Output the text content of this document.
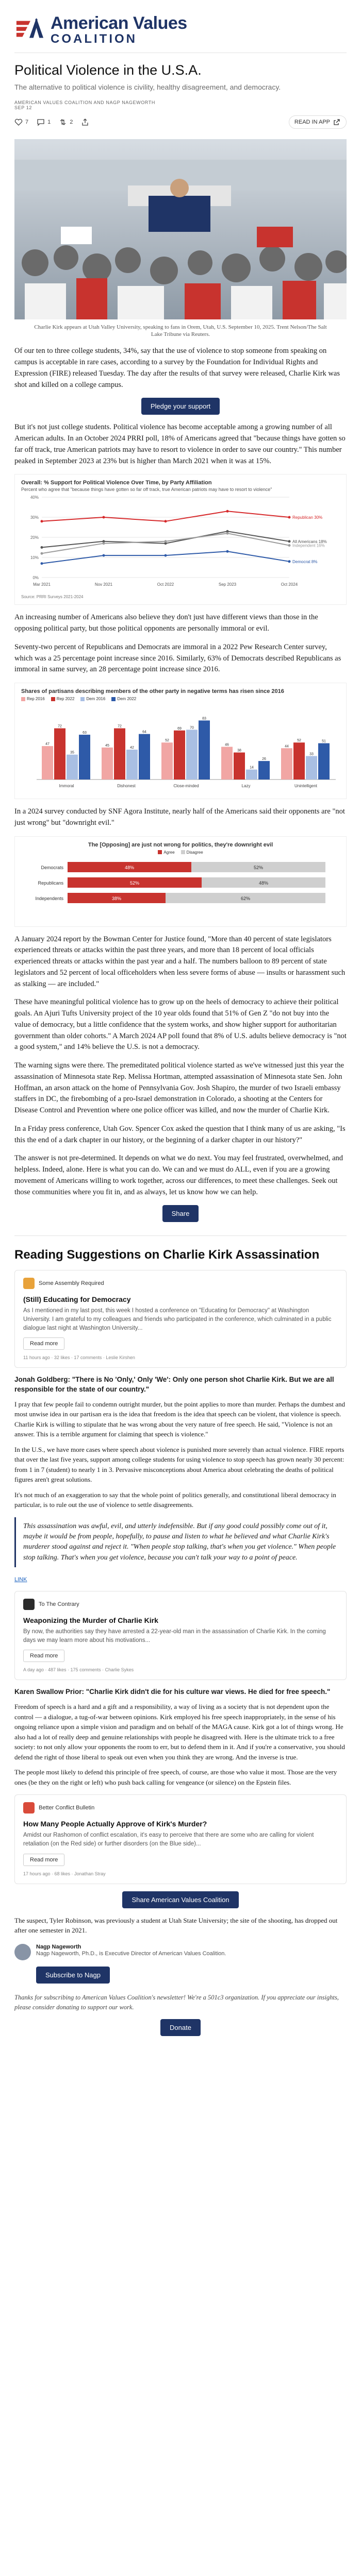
American Values
COALITION
Political Violence in the U.S.A.
The alternative to political violence is civility, healthy disagreement, and democracy.
AMERICAN VALUES COALITION AND NAGP NAGEWORTH
SEP 12
7	1	2	READ IN APP
Charlie Kirk appears at Utah Valley University, speaking to fans in Orem, Utah, U.S. September 10, 2025. Trent Nelson/The Salt Lake Tribune via Reuters.

Of our ten to three college students, 34%, say that the use of violence to stop someone from speaking on campus is acceptable in rare cases, according to a survey by the Foundation for Individual Rights and Expression (FIRE) released Tuesday. The day after the results of that survey were released, Charlie Kirk was shot and killed on a college campus.

Pledge your support

But it's not just college students. Political violence has become acceptable among a growing number of all American adults. In an October 2024 PRRI poll, 18% of Americans agreed that "because things have gotten so far off track, true American patriots may have to resort to violence in order to save our country." This number peaked in September 2023 at 23% but is higher than March 2021 when it was at 15%.

Overall: % Support for Political Violence Over Time, by Party Affiliation
Percent who agree that "because things have gotten so far off track, true American patriots may have to resort to violence"
0%
10%
20%
30%
40%
Mar 2021	Nov 2021	Oct 2022	Sep 2023	Oct 2024
Republican 30%
All Americans 18%
Independent 16%
Democrat 8%
Source: PRRI Surveys 2021-2024

An increasing number of Americans also believe they don't just have different views than those in the opposing political party, but those political opponents are personally immoral or evil.

Seventy-two percent of Republicans and Democrats are immoral in a 2022 Pew Research Center survey, which was a 25 percentage point increase since 2016. Similarly, 63% of Democrats described Republicans as immoral in same survey, an 28 percentage point increase since 2016.

Shares of partisans describing members of the other party in negative terms has risen since 2016
Rep 2016	Rep 2022	Dem 2016	Dem 2022
47
72
35
63
Immoral
45
72
42
64
Dishonest
52
69 70
83
Close-minded
46
38
14
26
Lazy
44
52
33
51
Unintelligent

In a 2024 survey conducted by SNF Agora Institute, nearly half of the Americans said their opponents are "not just wrong" but "downright evil."

The [Opposing] are just not wrong for politics, they're downright evil
Agree	Disagree
Democrats	48%	52%
Republicans	52%	48%
Independents	38%	62%

A January 2024 report by the Bowman Center for Justice found, "More than 40 percent of state legislators experienced threats or attacks within the past three years, and more than 18 percent of local officials experienced threats or attacks within the past year and a half. The numbers balloon to 89 percent of state legislators and 52 percent of local officeholders when less severe forms of abuse — insults or harassment such as stalking — are included."

These have meaningful political violence has to grow up on the heels of democracy to achieve their political goals. An Ajuri Tufts University project of the 10 year olds found that 51% of Gen Z "do not buy into the value of democracy, but a little confidence that the system works, and show higher support for authoritarian government than older cohorts." A March 2024 AP poll found that 8% of U.S. adults believe democracy is "not a good system," and 14% believe the U.S. is not a democracy.

The warning signs were there. The premeditated political violence started as we've witnessed just this year the assassination of Minnesota state Rep. Melissa Hortman, attempted assassination of Minnesota state Sen. John Hoffman, an arson attack on the home of Pennsylvania Gov. Josh Shapiro, the murder of two Israeli embassy staffers in DC, the firebombing of a pro-Israel demonstration in Colorado, a shooting at the Centers for Disease Control and Prevention where one police officer was killed, and now the murder of Charlie Kirk.

In a Friday press conference, Utah Gov. Spencer Cox asked the question that I think many of us are asking, "Is this the end of a dark chapter in our history, or the beginning of a darker chapter in our history?"

The answer is not pre-determined. It depends on what we do next. You may feel frustrated, overwhelmed, and helpless. Indeed, alone. Here is what you can do. We can and we must do ALL, even if you are a growing movement of Americans willing to work together, across our differences, to meet these challenges. Seek out those communities where you fit in, and as always, let us know how we can help.

Share
Reading Suggestions on Charlie Kirk Assassination
Some Assembly Required
(Still) Educating for Democracy
As I mentioned in my last post, this week I hosted a conference on "Educating for Democracy" at Washington University. I am grateful to my colleagues and friends who participated in the conference, which culminated in a public dialogue last night at Washington University...
Read more
11 hours ago · 32 likes · 17 comments · Leslie Kirshen
Jonah Goldberg: "There is No 'Only,' Only 'We': Only one person shot Charlie Kirk. But we are all responsible for the state of our country."

I pray that few people fail to condemn outright murder, but the point applies to more than murder. Perhaps the dumbest and most unwise idea in our partisan era is the idea that freedom is the idea that speech can be violent, that violence is speech. Charlie Kirk is willing to stipulate that he was wrong about the very nature of free speech. He said, "Violence is not an answer. This is a terrible argument for claiming that speech is violence."

In the U.S., we have more cases where speech about violence is punished more severely than actual violence. FIRE reports that over the last five years, support among college students for using violence to stop speech has grown nearly 30 percent: from 1 in 7 (student) to nearly 1 in 3. Pervasive misconceptions about America about celebrating the deaths of political figures aren't great solutions.

It's not much of an exaggeration to say that the whole point of politics generally, and constitutional liberal democracy in particular, is to rule out the use of violence to settle disagreements.

This assassination was awful, evil, and utterly indefensible. But if any good could possibly come out of it, maybe it would be from people, hopefully, to pause and listen to what he believed and what Charlie Kirk's murderer stood against and reject it. "When people stop talking, that's when you get violence." When people stop talking. That's when you get violence, because you can't talk your way to a point of peace.
LINK
To The Contrary
Weaponizing the Murder of Charlie Kirk
By now, the authorities say they have arrested a 22-year-old man in the assassination of Charlie Kirk. In the coming days we may learn more about his motivations...
Read more
A day ago · 487 likes · 175 comments · Charlie Sykes
Karen Swallow Prior: "Charlie Kirk didn't die for his culture war views. He died for free speech."

Freedom of speech is a hard and a gift and a responsibility, a way of living as a society that is not dependent upon the control — a dialogue, a tug-of-war between opinions. Kirk employed his free speech inappropriately, in the sense of his ongoing reliance upon a simple vision and paradigm and on behalf of the MAGA cause. Kirk got a lot of things wrong. He also had a lot of really deep and genuine relationships with people he disagreed with. Here is the ultimate trick to a free society: to not only allow your opponents the room to err, but to defend them in it. And if you're a conservative, you should defend the right of those liberal to speak out even when you think they are wrong. And the inverse is true.

The people most likely to defend this principle of free speech, of course, are those who value it most. Those are the very ones (be they on the right or left) who push back calling for vengeance (or silence) on the Epstein files.

Better Conflict Bulletin
How Many People Actually Approve of Kirk's Murder?
Amidst our Rashomon of conflict escalation, it's easy to perceive that there are some who are calling for violent retaliation (on the Red side) or further disorders (on the Blue side)...
Read more
17 hours ago · 68 likes · Jonathan Stray
Share American Values Coalition

The suspect, Tyler Robinson, was previously a student at Utah State University; the site of the shooting, has dropped out after one semester in 2021.

Nagp Nageworth
Nagp Nageworth, Ph.D., is Executive Director of American Values Coalition.
Subscribe to Nagp
Thanks for subscribing to American Values Coalition's newsletter! We're a 501c3 organization. If you appreciate our insights, please consider donating to support our work.
Donate
